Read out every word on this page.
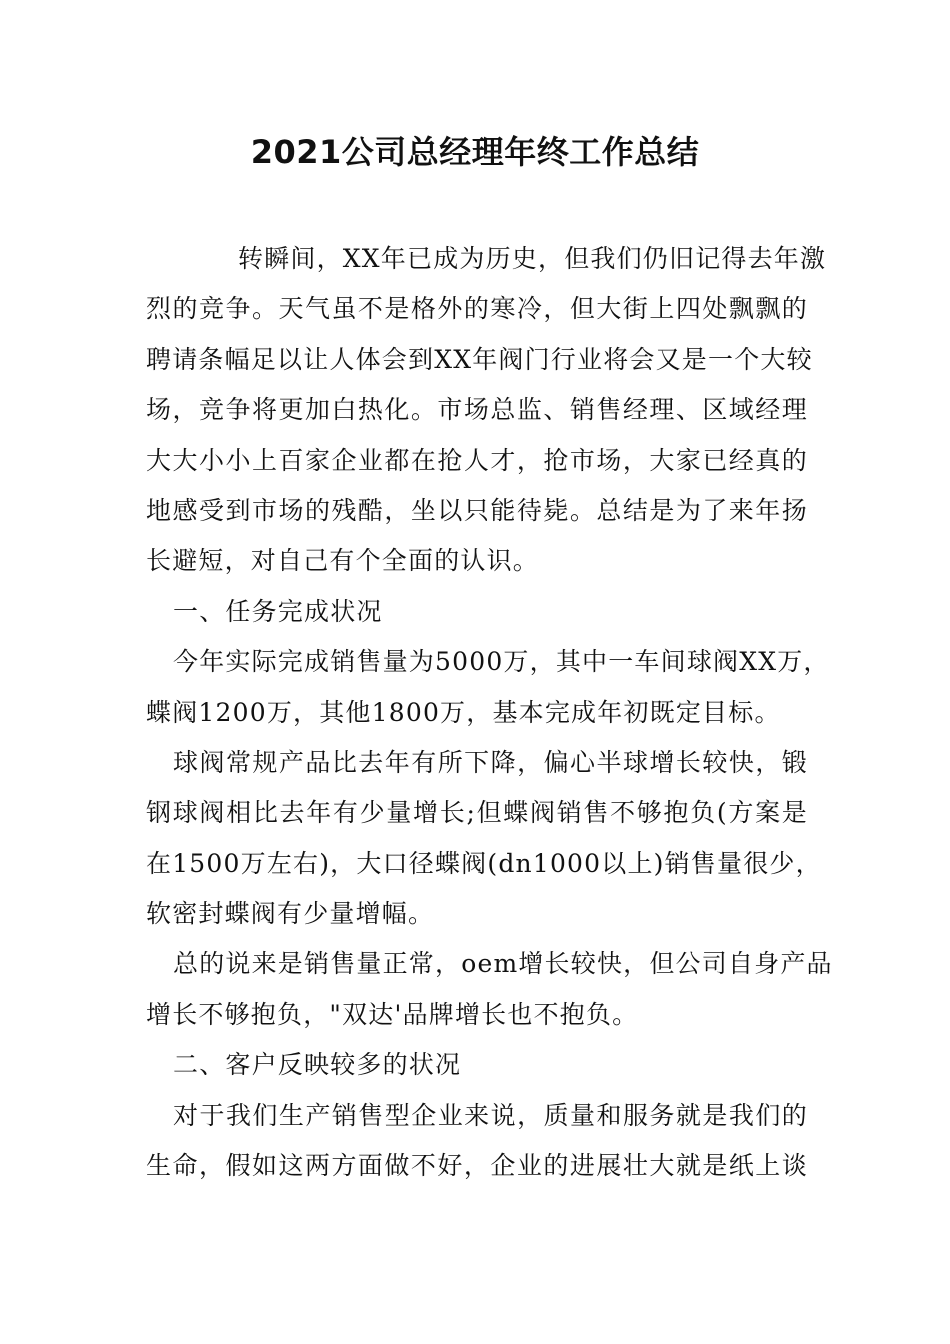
2021公司总经理年终工作总结
转瞬间，XX年已成为历史，但我们仍旧记得去年激
烈的竞争。天气虽不是格外的寒冷，但大街上四处飘飘的
聘请条幅足以让人体会到XX年阀门行业将会又是一个大较
场，竞争将更加白热化。市场总监、销售经理、区域经理
大大小小上百家企业都在抢人才，抢市场，大家已经真的
地感受到市场的残酷，坐以只能待毙。总结是为了来年扬
长避短，对自己有个全面的认识。
一、任务完成状况
今年实际完成销售量为5000万，其中一车间球阀XX万，
蝶阀1200万，其他1800万，基本完成年初既定目标。
球阀常规产品比去年有所下降，偏心半球增长较快，锻
钢球阀相比去年有少量增长;但蝶阀销售不够抱负(方案是
在1500万左右)，大口径蝶阀(dn1000以上)销售量很少，
软密封蝶阀有少量增幅。
总的说来是销售量正常，oem增长较快，但公司自身产品
增长不够抱负，"双达'品牌增长也不抱负。
二、客户反映较多的状况
对于我们生产销售型企业来说，质量和服务就是我们的
生命，假如这两方面做不好，企业的进展壮大就是纸上谈
